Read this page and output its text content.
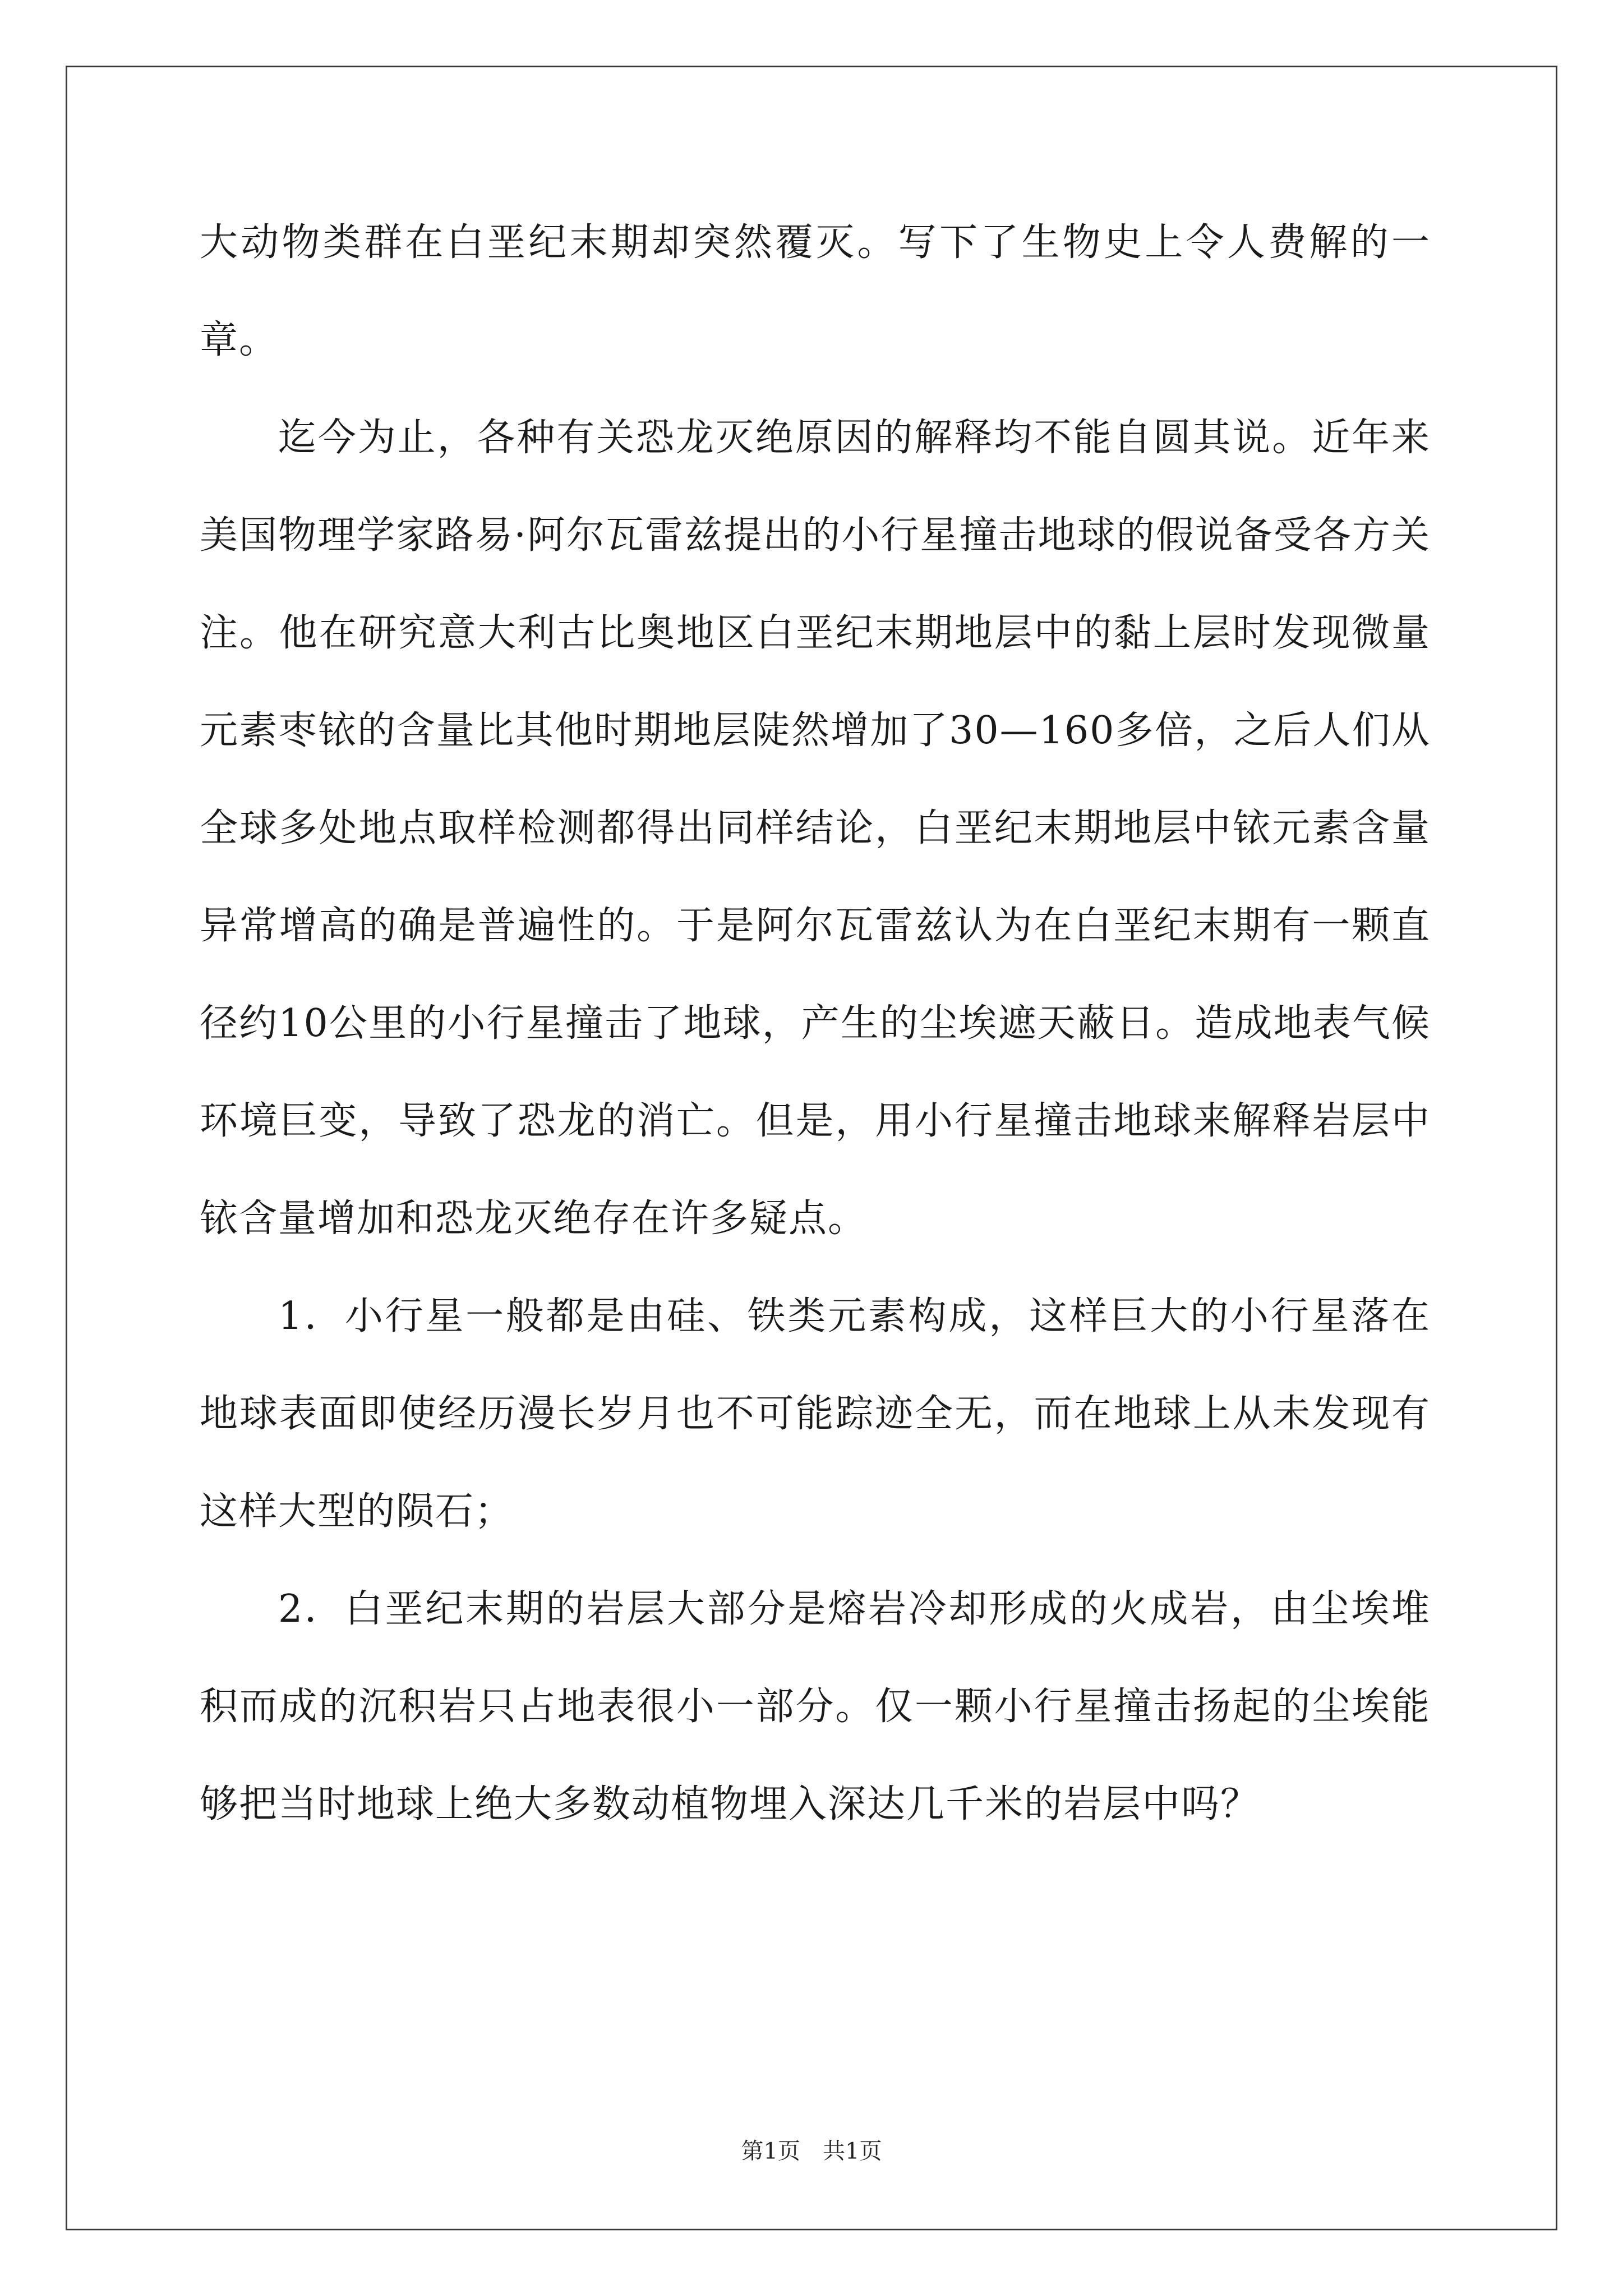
大动物类群在白垩纪末期却突然覆灭。写下了生物史上令人费解的一章。

迄今为止，各种有关恐龙灭绝原因的解释均不能自圆其说。近年来美国物理学家路易·阿尔瓦雷兹提出的小行星撞击地球的假说备受各方关注。他在研究意大利古比奥地区白垩纪末期地层中的黏上层时发现微量元素枣铱的含量比其他时期地层陡然增加了30—160多倍，之后人们从全球多处地点取样检测都得出同样结论，白垩纪末期地层中铱元素含量异常增高的确是普遍性的。于是阿尔瓦雷兹认为在白垩纪末期有一颗直径约10公里的小行星撞击了地球，产生的尘埃遮天蔽日。造成地表气候环境巨变，导致了恐龙的消亡。但是，用小行星撞击地球来解释岩层中铱含量增加和恐龙灭绝存在许多疑点。

1．小行星一般都是由硅、铁类元素构成，这样巨大的小行星落在地球表面即使经历漫长岁月也不可能踪迹全无，而在地球上从未发现有这样大型的陨石；

2．白垩纪末期的岩层大部分是熔岩冷却形成的火成岩，由尘埃堆积而成的沉积岩只占地表很小一部分。仅一颗小行星撞击扬起的尘埃能够把当时地球上绝大多数动植物埋入深达几千米的岩层中吗？

第1页 共1页
